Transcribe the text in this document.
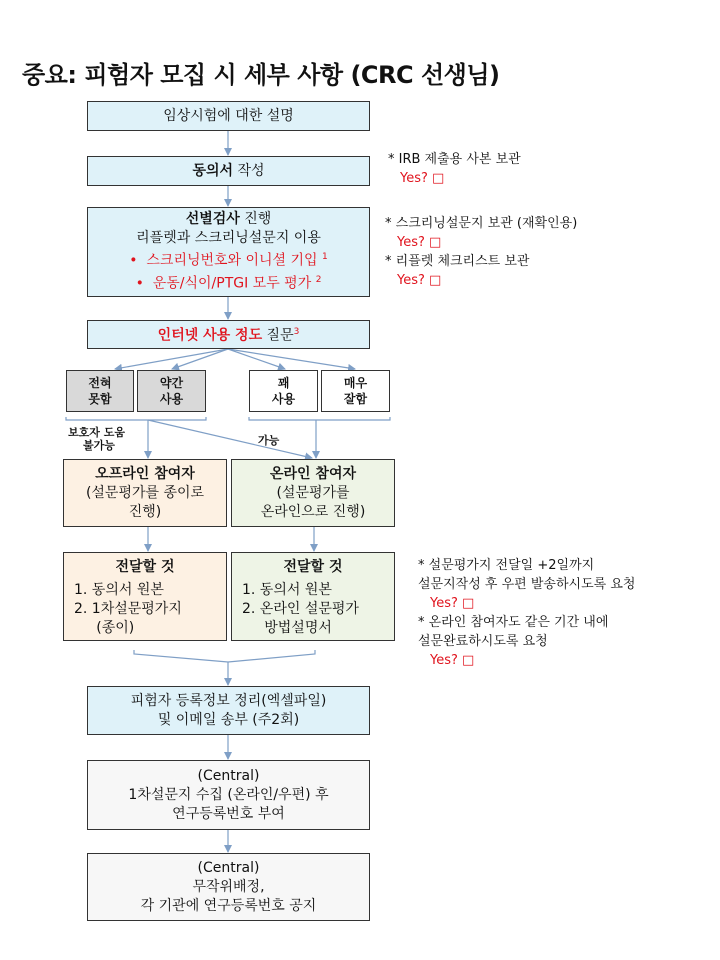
중요: 피험자 모집 시 세부 사항 (CRC 선생님)
임상시험에 대한 설명
동의서 작성
선별검사 진행
리플렛과 스크리닝설문지 이용
•  스크리닝번호와 이니셜 기입 $^1$
•  운동/식이/PTGI 모두 평가 $^2$
인터넷 사용 정도 질문$^3$
전혀
못함
약간
사용
꽤
사용
매우
잘함
보호자 도움
불가능	가능
오프라인 참여자
(설문평가를 종이로
진행)
온라인 참여자
(설문평가를
온라인으로 진행)
전달할 것
1. 동의서 원본
2. 1차설문평가지
(종이)
전달할 것
1. 동의서 원본
2. 온라인 설문평가
방법설명서
피험자 등록정보 정리(엑셀파일)
및 이메일 송부 (주2회)
(Central)
1차설문지 수집 (온라인/우편) 후
연구등록번호 부여
(Central)
무작위배정,
각 기관에 연구등록번호 공지
* IRB 제출용 사본 보관
Yes? □
* 스크리닝설문지 보관 (재확인용)
Yes? □
* 리플렛 체크리스트 보관
Yes? □
* 설문평가지 전달일 +2일까지
설문지작성 후 우편 발송하시도록 요청
Yes? □
* 온라인 참여자도 같은 기간 내에
설문완료하시도록 요청
Yes? □
